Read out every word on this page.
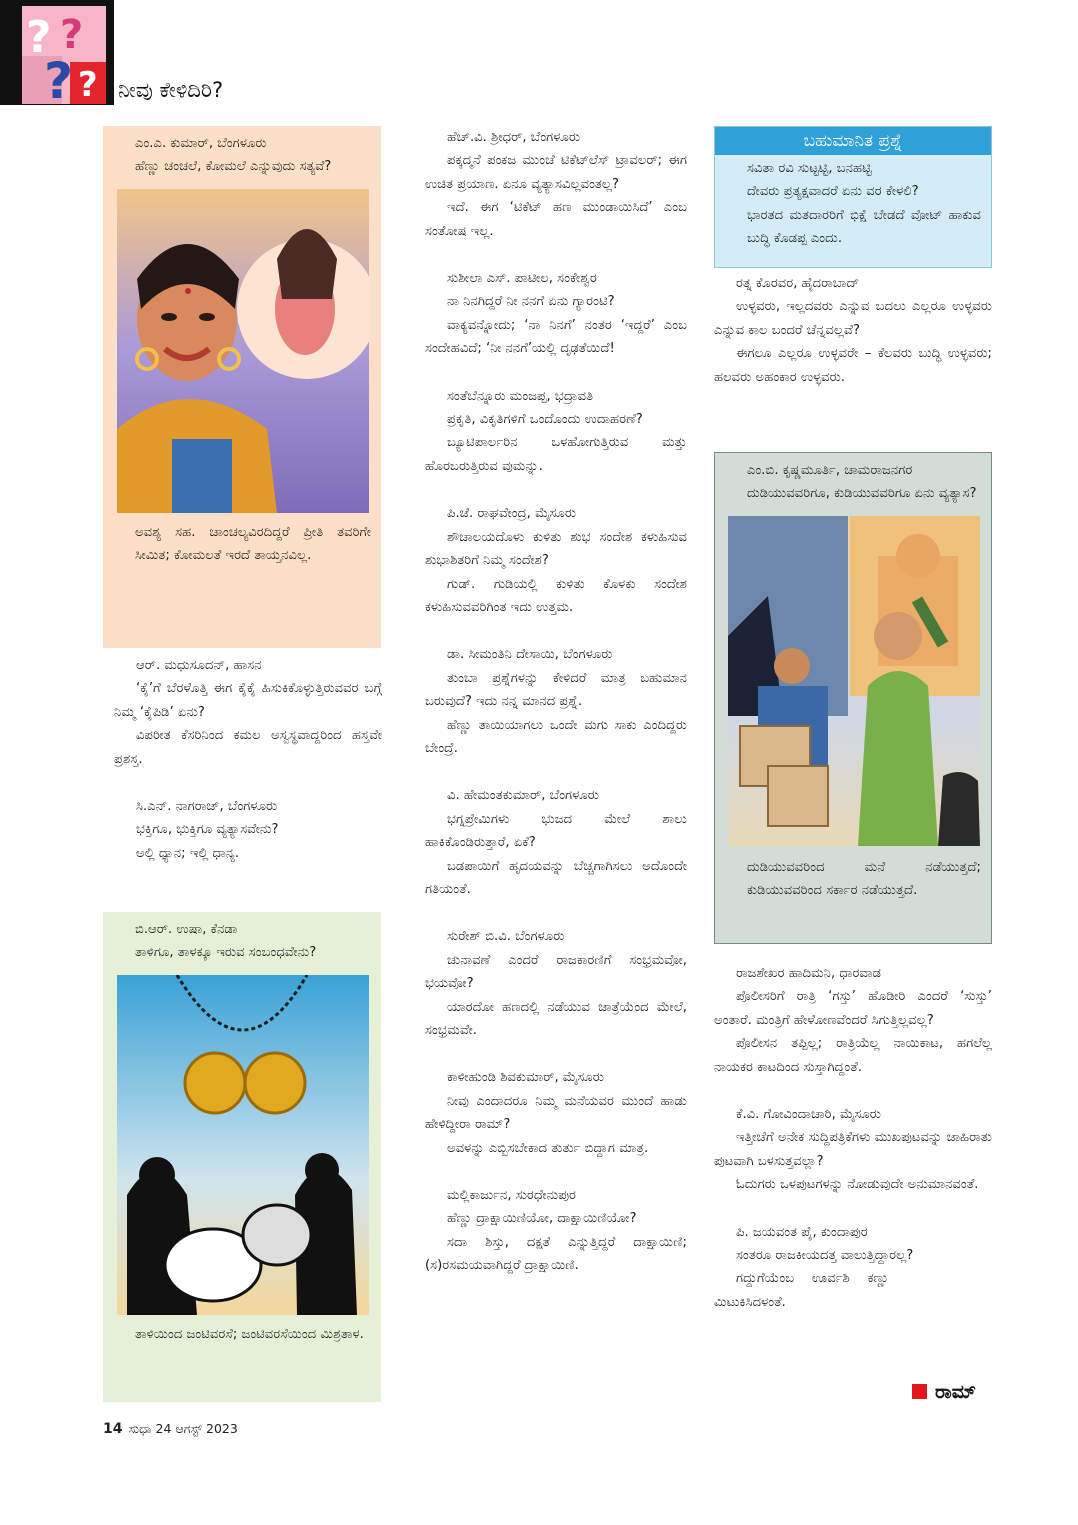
? ?
? ? ನೀವು ಕೇಳಿದಿರಿ?

ಎಂ.ಎ. ಕುಮಾರ್, ಬೆಂಗಳೂರು

ಹೆಣ್ಣು ಚಂಚಲೆ, ಕೋಮಲೆ ಎನ್ನುವುದು ಸತ್ಯವೆ?

ಅವಶ್ಯ ಸಹ. ಚಾಂಚಲ್ಯವಿರದಿದ್ದರೆ ಪ್ರೀತಿ ತವರಿಗೇ ಸೀಮಿತ; ಕೋಮಲತೆ ಇರದೆ ತಾಯ್ತನವಿಲ್ಲ.

ಆರ್. ಮಧುಸೂದನ್, ಹಾಸನ

‘ಕೈ’ಗೆ ಬೆರಳೊತ್ತಿ ಈಗ ಕೈಕೈ ಹಿಸುಕಿಕೊಳ್ಳುತ್ತಿರುವವರ ಬಗ್ಗೆ ನಿಮ್ಮ ‘ಕೈಪಿಡಿ’ ಏನು?

ವಿಪರೀತ ಕೆಸರಿನಿಂದ ಕಮಲ ಅಸ್ವಸ್ಥವಾದ್ದರಿಂದ ಹಸ್ತವೇ ಪ್ರಶಸ್ತ.

ಸಿ.ಎನ್. ನಾಗರಾಜ್, ಬೆಂಗಳೂರು

ಭಕ್ತಿಗೂ, ಭುಕ್ತಿಗೂ ವ್ಯತ್ಯಾಸವೇನು?

ಅಲ್ಲಿ ಧ್ಯಾನ; ಇಲ್ಲಿ ಧಾನ್ಯ.

ಬಿ.ಆರ್. ಉಷಾ, ಕೆನಡಾ

ತಾಳಿಗೂ, ತಾಳಕ್ಕೂ ಇರುವ ಸಂಬಂಧವೇನು?

ತಾಳಿಯಿಂದ ಜಂಟಿವರಸೆ; ಜಂಟಿವರಸೆಯಿಂದ ಮಿಶ್ರತಾಳ.

ಹೆಚ್.ವಿ. ಶ್ರೀಧರ್, ಬೆಂಗಳೂರು

ಪಕ್ಕದ್ಮನೆ ಪಂಕಜ ಮುಂಚೆ ಟಿಕೆಟ್‌ಲೆಸ್ ಟ್ರಾವಲರ್; ಈಗ ಉಚಿತ ಪ್ರಯಾಣ. ಏನೂ ವ್ಯತ್ಯಾಸವಿಲ್ಲವಂತಲ್ಲ?

ಇದೆ. ಈಗ ‘ಟಿಕೆಟ್ ಹಣ ಮುಂಡಾಯಿಸಿದೆ’ ಎಂಬ ಸಂತೋಷ ಇಲ್ಲ.

ಸುಶೀಲಾ ಎಸ್. ಪಾಟೀಲ, ಸಂಕೇಶ್ವರ

ನಾ ನಿನಗಿದ್ದರೆ ನೀ ನನಗೆ ಏನು ಗ್ಯಾರಂಟಿ?

ವಾಕ್ಯವನ್ನೋದು; ‘ನಾ ನಿನಗೆ’ ನಂತರ ‘ಇದ್ದರೆ’ ಎಂಬ ಸಂದೇಹವಿದೆ; ‘ನೀ ನನಗೆ’ಯಲ್ಲಿ ದೃಢತೆಯಿದೆ!

ಸಂತೆಬೆನ್ನೂರು ಮಂಜಪ್ಪ, ಭದ್ರಾವತಿ

ಪ್ರಕೃತಿ, ವಿಕೃತಿಗಳಿಗೆ ಒಂದೊಂದು ಉದಾಹರಣೆ?

ಬ್ಯೂಟಿಪಾರ್ಲರಿನ ಒಳಹೋಗುತ್ತಿರುವ ಮತ್ತು ಹೊರಬರುತ್ತಿರುವ ವುಮನ್ನು.

ಪಿ.ಜೆ. ರಾಘವೇಂದ್ರ, ಮೈಸೂರು

ಶೌಚಾಲಯದೊಳು ಕುಳಿತು ಶುಭ ಸಂದೇಶ ಕಳುಹಿಸುವ ಶುಭಾಶಿತರಿಗೆ ನಿಮ್ಮ ಸಂದೇಶ?

ಗುಡ್. ಗುಡಿಯಲ್ಲಿ ಕುಳಿತು ಕೊಳಕು ಸಂದೇಶ ಕಳುಹಿಸುವವರಿಗಿಂತ ಇದು ಉತ್ತಮ.

ಡಾ. ಸೀಮಂತಿನಿ ದೇಸಾಯಿ, ಬೆಂಗಳೂರು

ತುಂಬಾ ಪ್ರಶ್ನೆಗಳನ್ನು ಕೇಳಿದರೆ ಮಾತ್ರ ಬಹುಮಾನ ಬರುವುದೆ? ಇದು ನನ್ನ ಮಾನದ ಪ್ರಶ್ನೆ.

ಹೆಣ್ಣು ತಾಯಿಯಾಗಲು ಒಂದೇ ಮಗು ಸಾಕು ಎಂದಿದ್ದರು ಬೇಂದ್ರೆ.

ವಿ. ಹೇಮಂತಕುಮಾರ್, ಬೆಂಗಳೂರು

ಭಗ್ನಪ್ರೇಮಿಗಳು ಭುಜದ ಮೇಲೆ ಶಾಲು ಹಾಕಿಕೊಂಡಿರುತ್ತಾರೆ, ಏಕೆ?

ಬಡಪಾಯಿಗೆ ಹೃದಯವನ್ನು ಬೆಚ್ಚಗಾಗಿಸಲು ಅದೊಂದೇ ಗತಿಯಂತೆ.

ಸುರೇಶ್ ಬಿ.ವಿ. ಬೆಂಗಳೂರು

ಚುನಾವಣೆ ಎಂದರೆ ರಾಜಕಾರಣಿಗೆ ಸಂಭ್ರಮವೋ, ಭಯವೋ?

ಯಾರದೋ ಹಣದಲ್ಲಿ ನಡೆಯುವ ಜಾತ್ರೆಯೆಂದ ಮೇಲೆ, ಸಂಭ್ರಮವೇ.

ಕಾಳೀಹುಂಡಿ ಶಿವಕುಮಾರ್, ಮೈಸೂರು

ನೀವು ಎಂದಾದರೂ ನಿಮ್ಮ ಮನೆಯವರ ಮುಂದೆ ಹಾಡು ಹೇಳಿದ್ದೀರಾ ರಾಮ್?

ಅವಳನ್ನು ಎಬ್ಬಿಸಬೇಕಾದ ತುರ್ತು ಬಿದ್ದಾಗ ಮಾತ್ರ.

ಮಲ್ಲಿಕಾರ್ಜುನ, ಸುರಧೇನುಪುರ

ಹೆಣ್ಣು ದ್ರಾಕ್ಷಾಯಿಣಿಯೋ, ದಾಕ್ಷಾಯಿಣಿಯೋ?

ಸದಾ ಶಿಸ್ತು, ದಕ್ಷತೆ ಎನ್ನುತ್ತಿದ್ದರೆ ದಾಕ್ಷಾಯಿಣಿ; (ಸ)ರಸಮಯವಾಗಿದ್ದರೆ ದ್ರಾಕ್ಷಾಯಿಣಿ.

ಬಹುಮಾನಿತ ಪ್ರಶ್ನೆ

ಸವಿತಾ ರವಿ ಸುಟ್ಟಟ್ಟಿ, ಬನಹಟ್ಟಿ

ದೇವರು ಪ್ರತ್ಯಕ್ಷವಾದರೆ ಏನು ವರ ಕೇಳಲಿ?

ಭಾರತದ ಮತದಾರರಿಗೆ ಭಿಕ್ಷೆ ಬೇಡದೆ ವೋಟ್ ಹಾಕುವ ಬುದ್ಧಿ ಕೊಡಪ್ಪ ಎಂದು.

ರತ್ನ ಕೊರವರ, ಹೈದರಾಬಾದ್

ಉಳ್ಳವರು, ಇಲ್ಲದವರು ಎನ್ನುವ ಬದಲು ಎಲ್ಲರೂ ಉಳ್ಳವರು ಎನ್ನುವ ಕಾಲ ಬಂದರೆ ಚೆನ್ನವಲ್ಲವೆ?

ಈಗಲೂ ಎಲ್ಲರೂ ಉಳ್ಳವರೇ – ಕೆಲವರು ಬುದ್ಧಿ ಉಳ್ಳವರು; ಹಲವರು ಅಹಂಕಾರ ಉಳ್ಳವರು.

ಎಂ.ಬಿ. ಕೃಷ್ಣಮೂರ್ತಿ, ಚಾಮರಾಜನಗರ

ದುಡಿಯುವವರಿಗೂ, ಕುಡಿಯುವವರಿಗೂ ಏನು ವ್ಯತ್ಯಾಸ?

ದುಡಿಯುವವರಿಂದ ಮನೆ ನಡೆಯುತ್ತದೆ; ಕುಡಿಯುವವರಿಂದ ಸರ್ಕಾರ ನಡೆಯುತ್ತದೆ.

ರಾಜಶೇಖರ ಹಾದಿಮನಿ, ಧಾರವಾಡ

ಪೊಲೀಸರಿಗೆ ರಾತ್ರಿ ‘ಗಸ್ತು’ ಹೊಡೀರಿ ಎಂದರೆ ‘ಸುಸ್ತು’ ಅಂತಾರೆ. ಮಂತ್ರಿಗೆ ಹೇಳೋಣವೆಂದರೆ ಸಿಗುತ್ತಿಲ್ಲವಲ್ಲ?

ಪೊಲೀಸನ ತಪ್ಪಿಲ್ಲ; ರಾತ್ರಿಯೆಲ್ಲ ನಾಯಿಕಾಟ, ಹಗಲೆಲ್ಲ ನಾಯಕರ ಕಾಟದಿಂದ ಸುಸ್ತಾಗಿದ್ದಂತೆ.

ಕೆ.ವಿ. ಗೋವಿಂದಾಚಾರಿ, ಮೈಸೂರು

ಇತ್ತೀಚೆಗೆ ಅನೇಕ ಸುದ್ದಿಪತ್ರಿಕೆಗಳು ಮುಖಪುಟವನ್ನು ಜಾಹಿರಾತು ಪುಟವಾಗಿ ಬಳಸುತ್ತವಲ್ಲಾ?

ಓದುಗರು ಒಳಪುಟಗಳನ್ನು ನೋಡುವುದೇ ಅನುಮಾನವಂತೆ.

ಪಿ. ಜಯವಂತ ಪೈ, ಕುಂದಾಪುರ

ಸಂತರೂ ರಾಜಕೀಯದತ್ತ ವಾಲುತ್ತಿದ್ದಾರಲ್ಲ?

ಗದ್ದುಗೆಯೆಂಬ ಊರ್ವಶಿ ಕಣ್ಣು ಮಿಟುಕಿಸಿದಳಂತೆ.

ರಾಮ್
14 ಸುಧಾ 24 ಆಗಸ್ಟ್ 2023
